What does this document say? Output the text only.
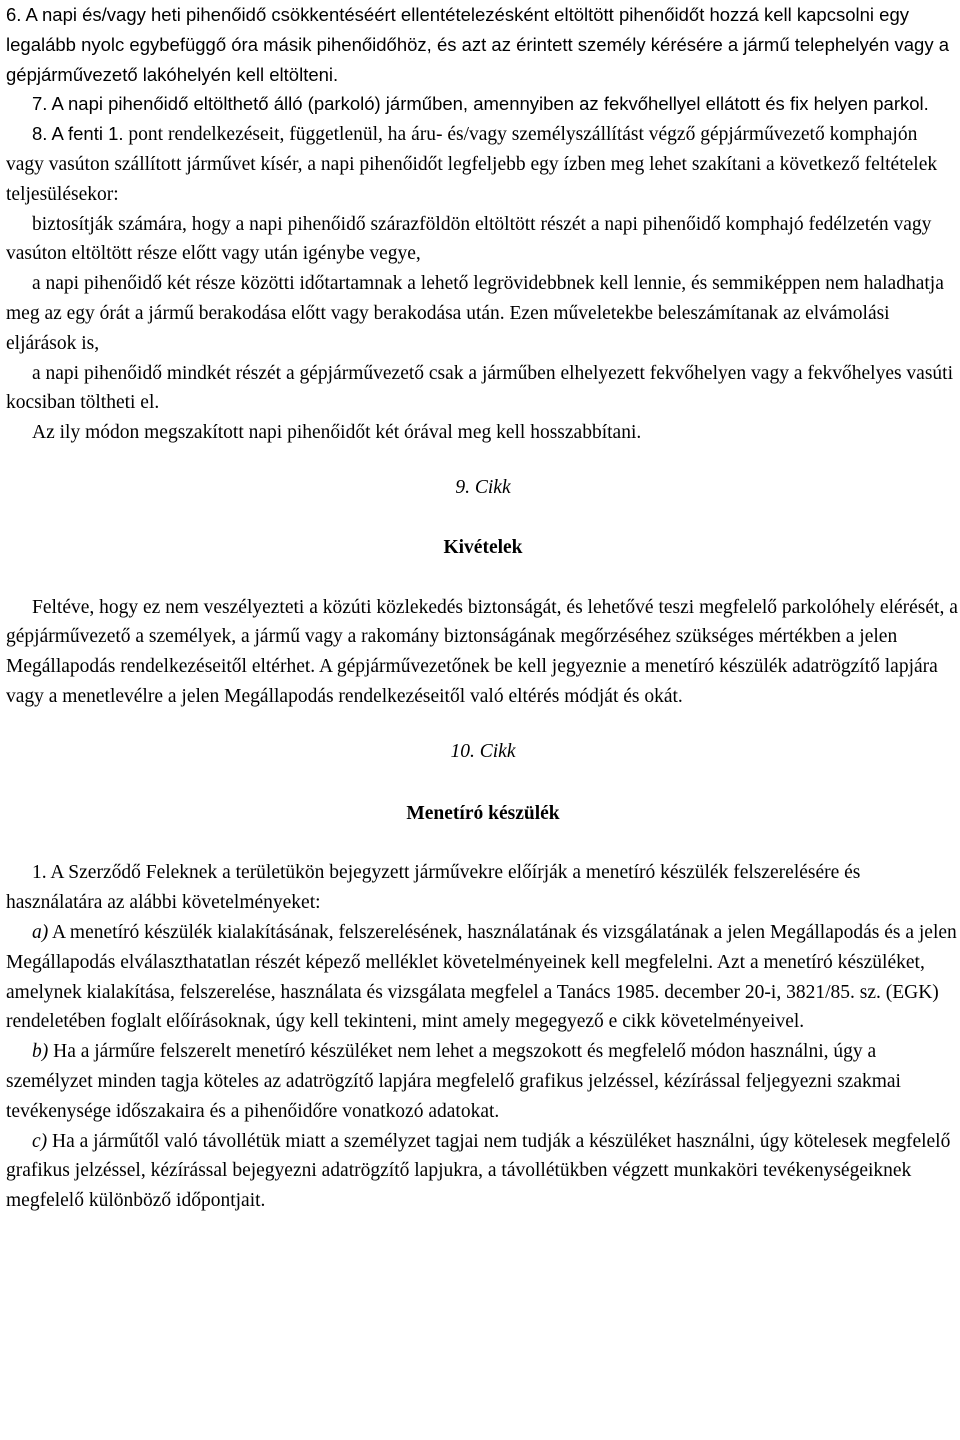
6. A napi és/vagy heti pihenőidő csökkentéséért ellentételezésként eltöltött pihenőidőt hozzá kell kapcsolni egy legalább nyolc egybefüggő óra másik pihenőidőhöz, és azt az érintett személy kérésére a jármű telephelyén vagy a gépjárművezető lakóhelyén kell eltölteni.

7. A napi pihenőidő eltölthető álló (parkoló) járműben, amennyiben az fekvőhellyel ellátott és fix helyen parkol.

8. A fenti 1. pont rendelkezéseit, függetlenül, ha áru- és/vagy személyszállítást végző gépjárművezető komphajón vagy vasúton szállított járművet kísér, a napi pihenőidőt legfeljebb egy ízben meg lehet szakítani a következő feltételek teljesülésekor:

biztosítják számára, hogy a napi pihenőidő szárazföldön eltöltött részét a napi pihenőidő komphajó fedélzetén vagy vasúton eltöltött része előtt vagy után igénybe vegye,

a napi pihenőidő két része közötti időtartamnak a lehető legrövidebbnek kell lennie, és semmiképpen nem haladhatja meg az egy órát a jármű berakodása előtt vagy berakodása után. Ezen műveletekbe beleszámítanak az elvámolási eljárások is,

a napi pihenőidő mindkét részét a gépjárművezető csak a járműben elhelyezett fekvőhelyen vagy a fekvőhelyes vasúti kocsiban töltheti el.

Az ily módon megszakított napi pihenőidőt két órával meg kell hosszabbítani.

9. Cikk

Kivételek

Feltéve, hogy ez nem veszélyezteti a közúti közlekedés biztonságát, és lehetővé teszi megfelelő parkolóhely elérését, a gépjárművezető a személyek, a jármű vagy a rakomány biztonságának megőrzéséhez szükséges mértékben a jelen Megállapodás rendelkezéseitől eltérhet. A gépjárművezetőnek be kell jegyeznie a menetíró készülék adatrögzítő lapjára vagy a menetlevélre a jelen Megállapodás rendelkezéseitől való eltérés módját és okát.

10. Cikk

Menetíró készülék

1. A Szerződő Feleknek a területükön bejegyzett járművekre előírják a menetíró készülék felszerelésére és használatára az alábbi követelményeket:

a) A menetíró készülék kialakításának, felszerelésének, használatának és vizsgálatának a jelen Megállapodás és a jelen Megállapodás elválaszthatatlan részét képező melléklet követelményeinek kell megfelelni. Azt a menetíró készüléket, amelynek kialakítása, felszerelése, használata és vizsgálata megfelel a Tanács 1985. december 20-i, 3821/85. sz. (EGK) rendeletében foglalt előírásoknak, úgy kell tekinteni, mint amely megegyező e cikk követelményeivel.

b) Ha a járműre felszerelt menetíró készüléket nem lehet a megszokott és megfelelő módon használni, úgy a személyzet minden tagja köteles az adatrögzítő lapjára megfelelő grafikus jelzéssel, kézírással feljegyezni szakmai tevékenysége időszakaira és a pihenőidőre vonatkozó adatokat.

c) Ha a járműtől való távollétük miatt a személyzet tagjai nem tudják a készüléket használni, úgy kötelesek megfelelő grafikus jelzéssel, kézírással bejegyezni adatrögzítő lapjukra, a távollétükben végzett munkaköri tevékenységeiknek megfelelő különböző időpontjait.
